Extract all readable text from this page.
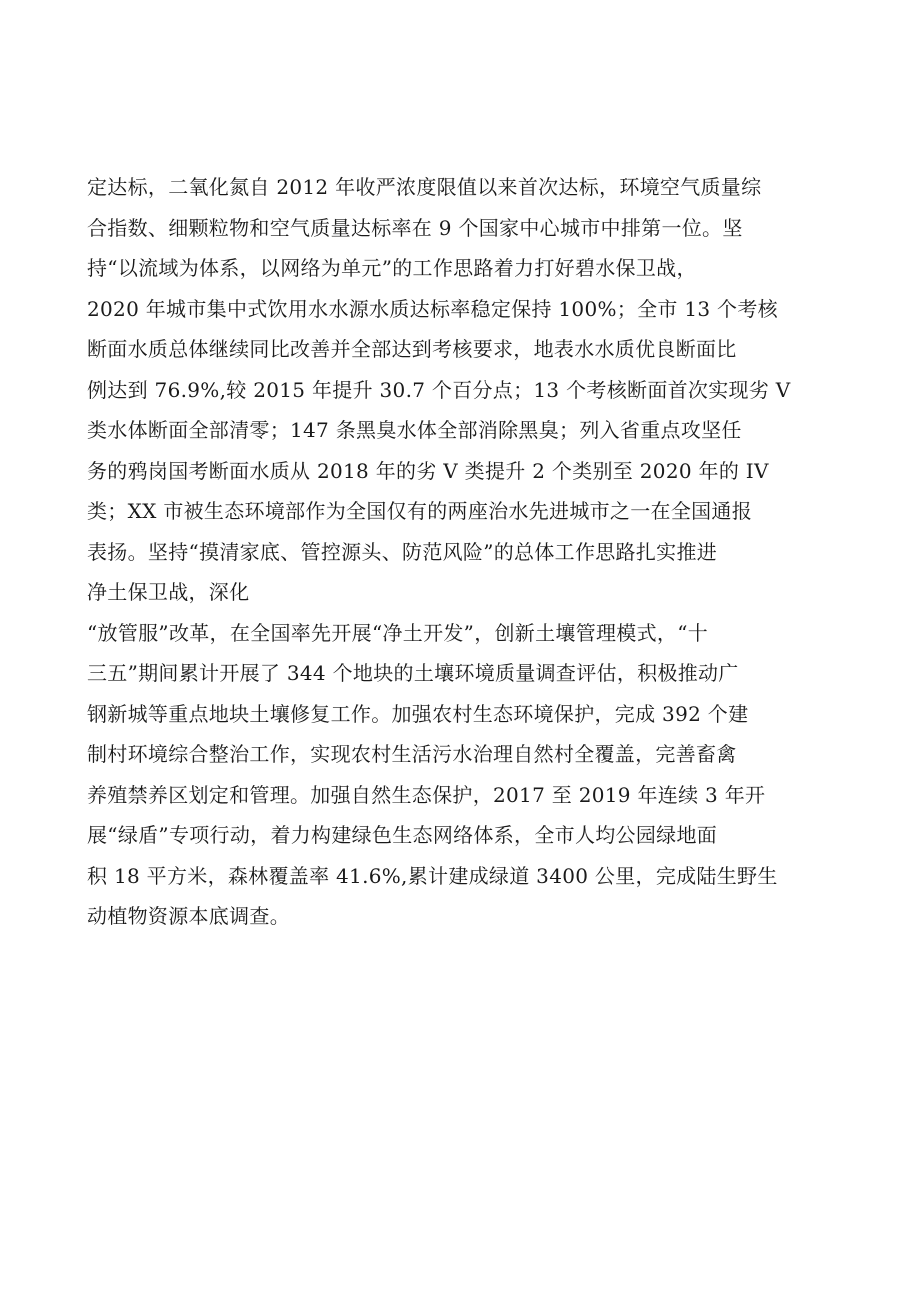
定达标，二氧化氮自 2012 年收严浓度限值以来首次达标，环境空气质量综
合指数、细颗粒物和空气质量达标率在 9 个国家中心城市中排第一位。坚
持“以流域为体系，以网络为单元”的工作思路着力打好碧水保卫战，
2020 年城市集中式饮用水水源水质达标率稳定保持 100%；全市 13 个考核
断面水质总体继续同比改善并全部达到考核要求，地表水水质优良断面比
例达到 76.9%,较 2015 年提升 30.7 个百分点；13 个考核断面首次实现劣 V
类水体断面全部清零；147 条黑臭水体全部消除黑臭；列入省重点攻坚任
务的鸦岗国考断面水质从 2018 年的劣 V 类提升 2 个类别至 2020 年的 IV
类；XX 市被生态环境部作为全国仅有的两座治水先进城市之一在全国通报
表扬。坚持“摸清家底、管控源头、防范风险”的总体工作思路扎实推进
净土保卫战，深化
“放管服”改革，在全国率先开展“净土开发”，创新土壤管理模式，“十
三五”期间累计开展了 344 个地块的土壤环境质量调查评估，积极推动广
钢新城等重点地块土壤修复工作。加强农村生态环境保护，完成 392 个建
制村环境综合整治工作，实现农村生活污水治理自然村全覆盖，完善畜禽
养殖禁养区划定和管理。加强自然生态保护，2017 至 2019 年连续 3 年开
展“绿盾”专项行动，着力构建绿色生态网络体系，全市人均公园绿地面
积 18 平方米，森林覆盖率 41.6%,累计建成绿道 3400 公里，完成陆生野生
动植物资源本底调查。
